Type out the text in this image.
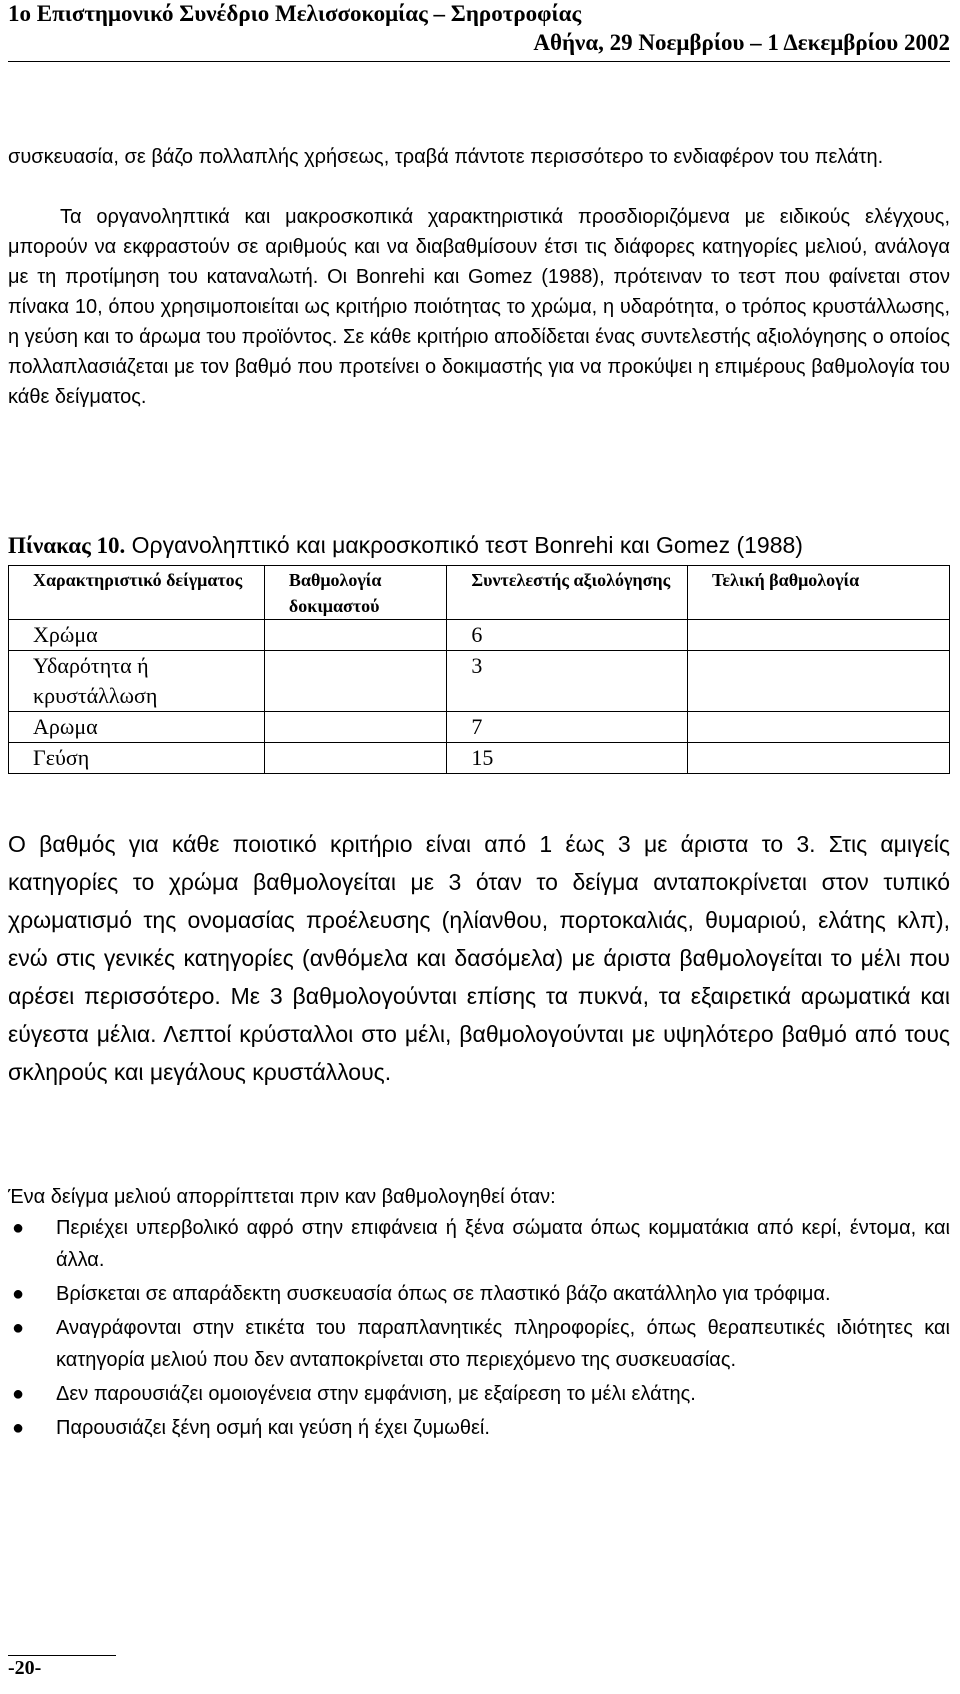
1ο Επιστημονικό Συνέδριο Μελισσοκομίας – Σηροτροφίας
Αθήνα, 29 Νοεμβρίου – 1 Δεκεμβρίου 2002
συσκευασία, σε βάζο πολλαπλής χρήσεως, τραβά πάντοτε περισσότερο το ενδιαφέρον του πελάτη.
Τα οργανοληπτικά και μακροσκοπικά χαρακτηριστικά προσδιοριζόμενα με ειδικούς ελέγχους, μπορούν να εκφραστούν σε αριθμούς και να διαβαθμίσουν έτσι τις διάφορες κατηγορίες μελιού, ανάλογα με τη προτίμηση του καταναλωτή. Οι Bonrehi και Gomez (1988), πρότειναν το τεστ που φαίνεται στον πίνακα 10, όπου χρησιμοποιείται ως κριτήριο ποιότητας το χρώμα, η υδαρότητα, ο τρόπος κρυστάλλωσης, η γεύση και το άρωμα του προϊόντος. Σε κάθε κριτήριο αποδίδεται ένας συντελεστής αξιολόγησης ο οποίος πολλαπλασιάζεται με τον βαθμό που προτείνει ο δοκιμαστής για να προκύψει η επιμέρους βαθμολογία του κάθε δείγματος.
Πίνακας 10. Οργανοληπτικό και μακροσκοπικό τεστ Bonrehi και Gomez (1988)
Χαρακτηριστικό δείγματος	Βαθμολογία δοκιμαστού	Συντελεστής αξιολόγησης	Τελική βαθμολογία
Χρώμα		6	
Υδαρότητα ή κρυστάλλωση		3	
Αρωμα		7	
Γεύση		15	
Ο βαθμός για κάθε ποιοτικό κριτήριο είναι από 1 έως 3 με άριστα το 3. Στις αμιγείς κατηγορίες το χρώμα βαθμολογείται με 3 όταν το δείγμα ανταποκρίνεται στον τυπικό χρωματισμό της ονομασίας προέλευσης (ηλίανθου, πορτοκαλιάς, θυμαριού, ελάτης κλπ), ενώ στις γενικές κατηγορίες (ανθόμελα και δασόμελα) με άριστα βαθμολογείται το μέλι που αρέσει περισσότερο. Με 3 βαθμολογούνται επίσης τα πυκνά, τα εξαιρετικά αρωματικά και εύγεστα μέλια. Λεπτοί κρύσταλλοι στο μέλι, βαθμολογούνται με υψηλότερο βαθμό από τους σκληρούς και μεγάλους κρυστάλλους.
Ένα δείγμα μελιού απορρίπτεται πριν καν βαθμολογηθεί όταν:
● Περιέχει υπερβολικό αφρό στην επιφάνεια ή ξένα σώματα όπως κομματάκια από κερί, έντομα, και άλλα.
● Βρίσκεται σε απαράδεκτη συσκευασία όπως σε πλαστικό βάζο ακατάλληλο για τρόφιμα.
● Αναγράφονται στην ετικέτα του παραπλανητικές πληροφορίες, όπως θεραπευτικές ιδιότητες και κατηγορία μελιού που δεν ανταποκρίνεται στο περιεχόμενο της συσκευασίας.
● Δεν παρουσιάζει ομοιογένεια στην εμφάνιση, με εξαίρεση το μέλι ελάτης.
● Παρουσιάζει ξένη οσμή και γεύση ή έχει ζυμωθεί.
-20-
